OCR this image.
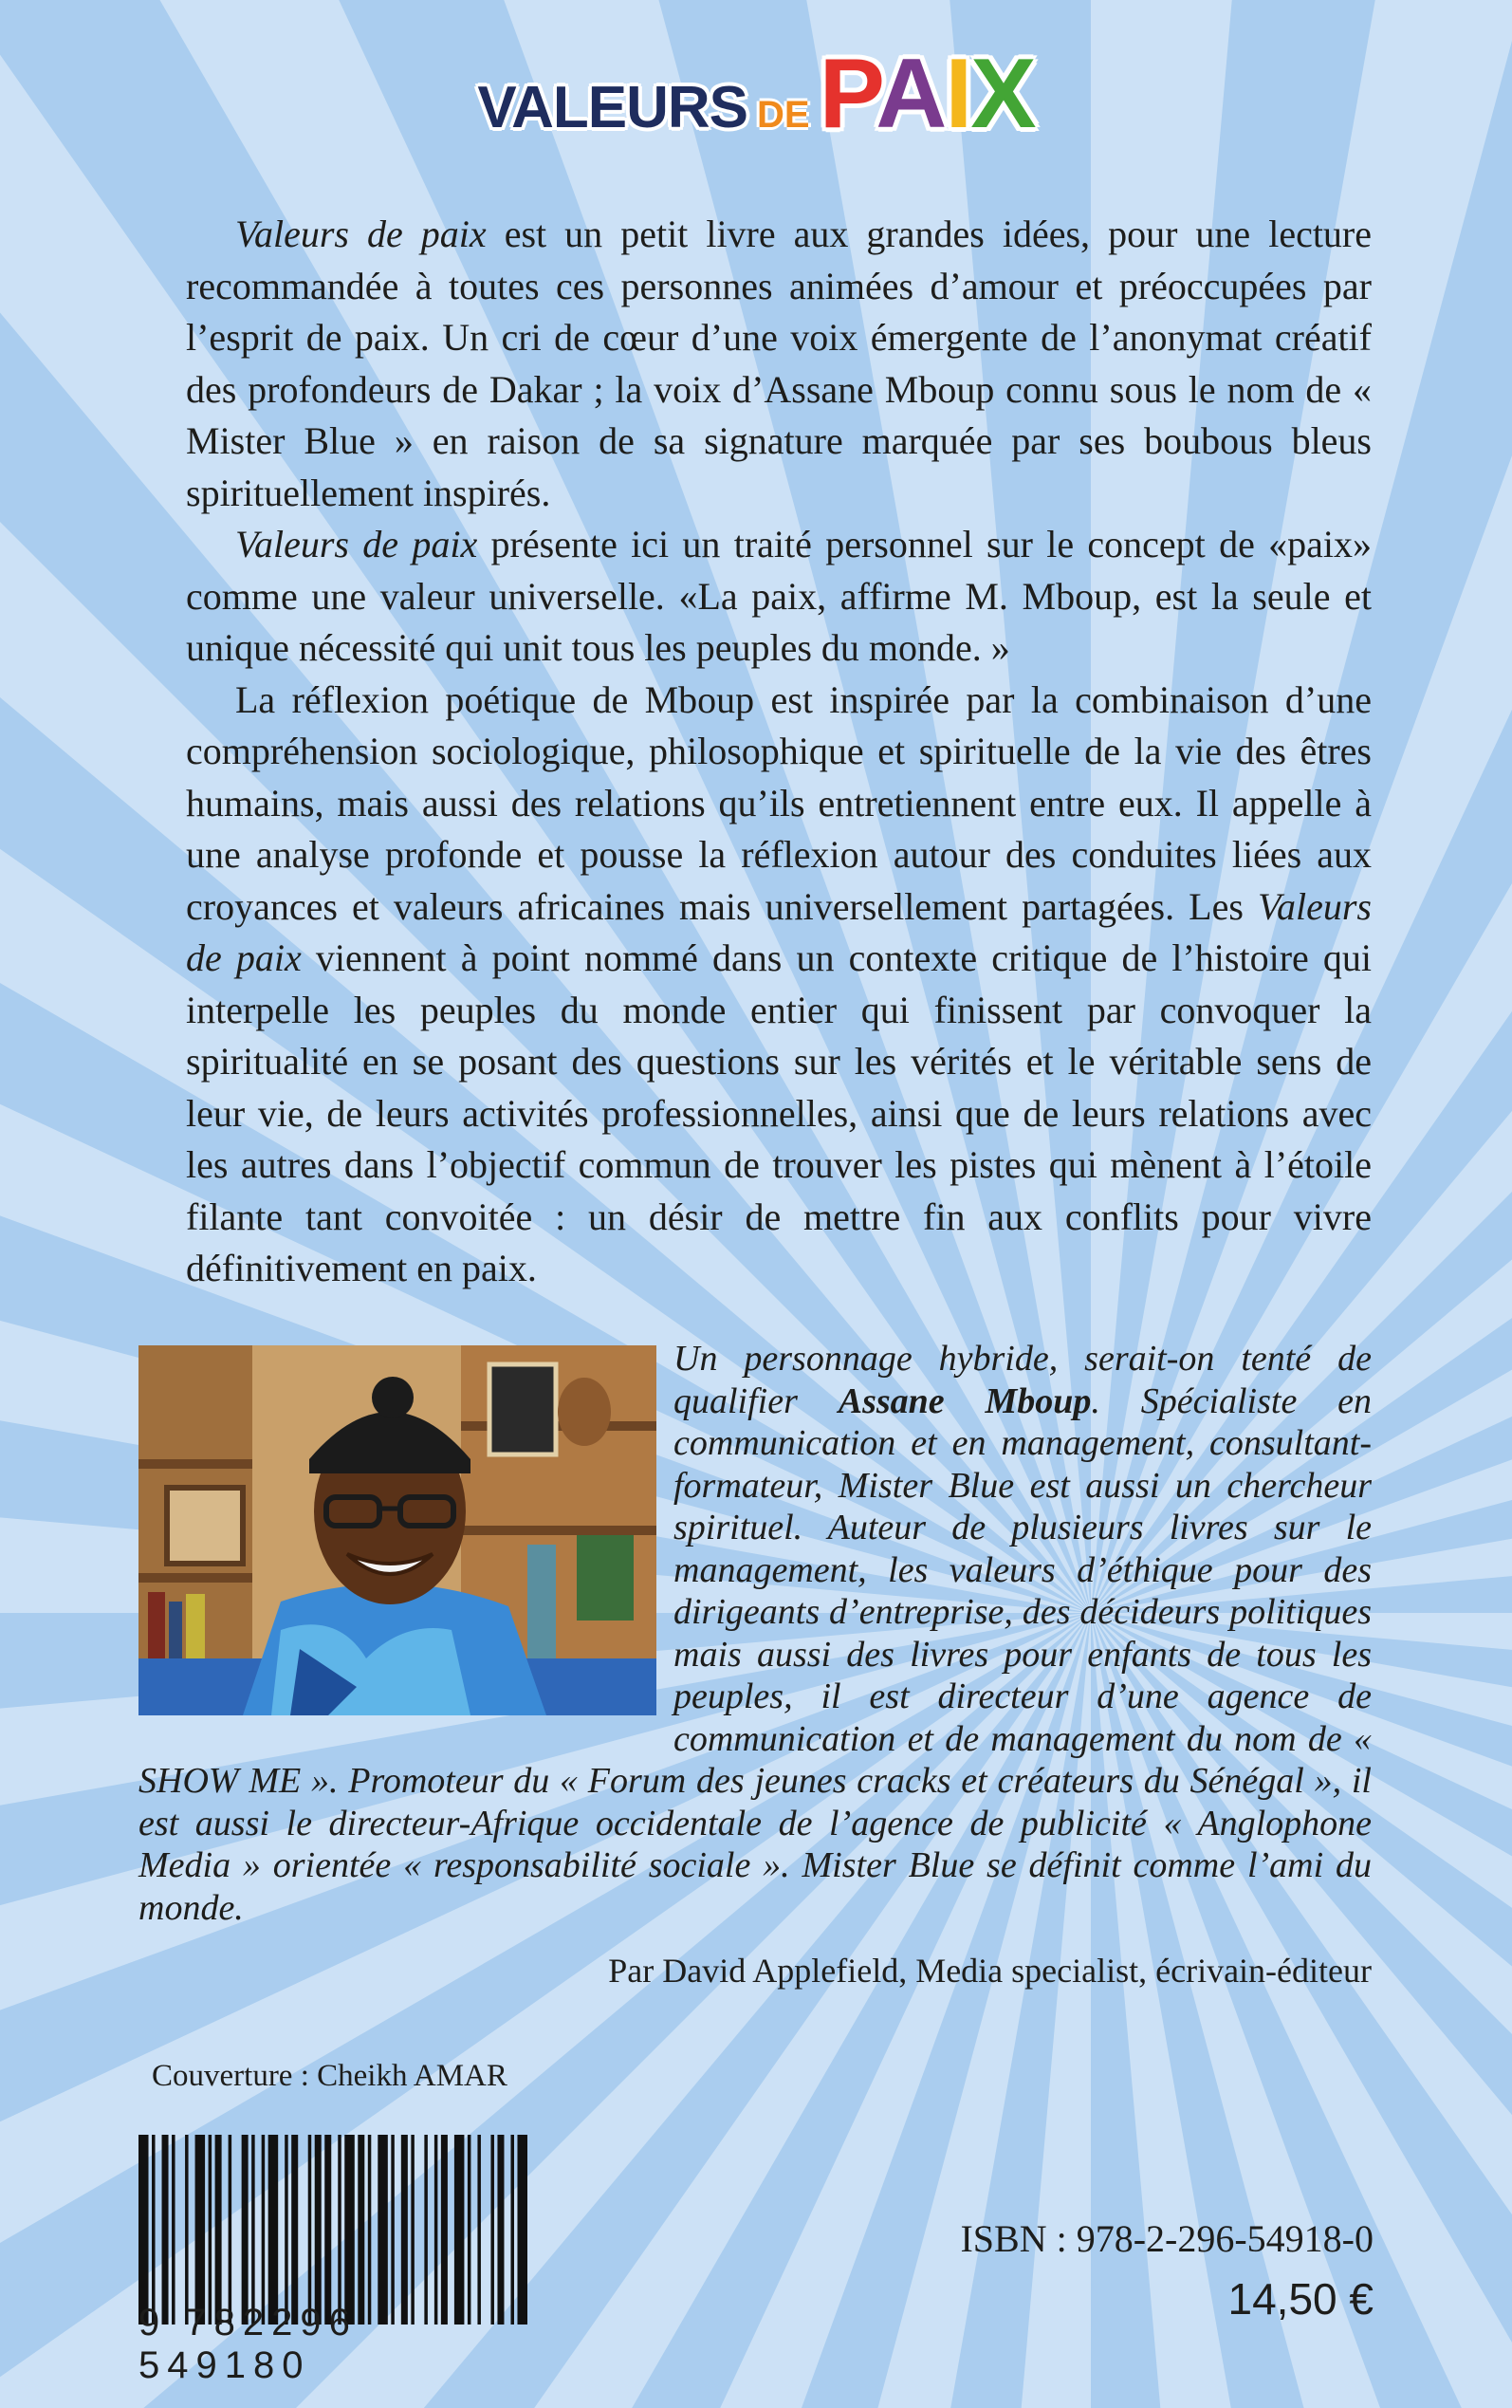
VALEURS DEPAIX

Valeurs de paix est un petit livre aux grandes idées, pour une lecture recommandée à toutes ces personnes animées d’amour et préoccupées par l’esprit de paix. Un cri de cœur d’une voix émergente de l’anonymat créatif des profondeurs de Dakar ; la voix d’Assane Mboup connu sous le nom de « Mister Blue » en raison de sa signature marquée par ses boubous bleus spirituellement inspirés.

Valeurs de paix présente ici un traité personnel sur le concept de «paix» comme une valeur universelle. «La paix, affirme M. Mboup, est la seule et unique nécessité qui unit tous les peuples du monde. »

La réflexion poétique de Mboup est inspirée par la combinaison d’une compréhension sociologique, philosophique et spirituelle de la vie des êtres humains, mais aussi des relations qu’ils entretiennent entre eux. Il appelle à une analyse profonde et pousse la réflexion autour des conduites liées aux croyances et valeurs africaines mais universellement partagées. Les Valeurs de paix viennent à point nommé dans un contexte critique de l’histoire qui interpelle les peuples du monde entier qui finissent par convoquer la spiritualité en se posant des questions sur les vérités et le véritable sens de leur vie, de leurs activités professionnelles, ainsi que de leurs relations avec les autres dans l’objectif commun de trouver les pistes qui mènent à l’étoile filante tant convoitée : un désir de mettre fin aux conflits pour vivre définitivement en paix.

Un personnage hybride, serait-on tenté de qualifier Assane Mboup. Spécialiste en communication et en management, consultant-formateur, Mister Blue est aussi un chercheur spirituel. Auteur de plusieurs livres sur le management, les valeurs d’éthique pour des dirigeants d’entreprise, des décideurs politiques mais aussi des livres pour enfants de tous les peuples, il est directeur d’une agence de communication et de management du nom de « SHOW ME ». Promoteur du « Forum des jeunes cracks et créateurs du Sénégal », il est aussi le directeur-Afrique occidentale de l’agence de publicité « Anglophone Media » orientée « responsabilité sociale ». Mister Blue se définit comme l’ami du monde.
Par David Applefield, Media specialist, écrivain-éditeur
Couverture : Cheikh AMAR
9 782296 549180
ISBN : 978-2-296-54918-0
14,50 €
